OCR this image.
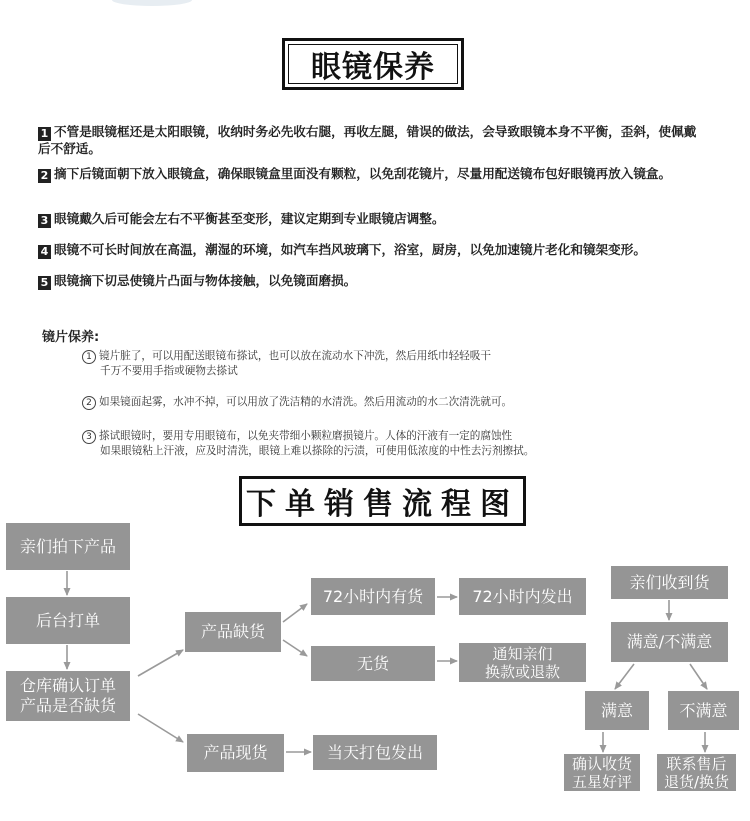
眼镜保养
1 不管是眼镜框还是太阳眼镜，收纳时务必先收右腿，再收左腿，错误的做法，会导致眼镜本身不平衡，歪斜，使佩戴后不舒适。
2 摘下后镜面朝下放入眼镜盒，确保眼镜盒里面没有颗粒，以免刮花镜片，尽量用配送镜布包好眼镜再放入镜盒。
3 眼镜戴久后可能会左右不平衡甚至变形，建议定期到专业眼镜店调整。
4 眼镜不可长时间放在高温，潮湿的环境，如汽车挡风玻璃下，浴室，厨房，以免加速镜片老化和镜架变形。
5 眼镜摘下切忌使镜片凸面与物体接触，以免镜面磨损。
镜片保养:
1 镜片脏了，可以用配送眼镜布搽试，也可以放在流动水下冲洗，然后用纸巾轻轻吸干
千万不要用手指或硬物去搽试
2 如果镜面起雾，水冲不掉，可以用放了洗洁精的水清洗。然后用流动的水二次清洗就可。
3 搽试眼镜时，要用专用眼镜布，以免夹带细小颗粒磨损镜片。人体的汗液有一定的腐蚀性
如果眼镜粘上汗液，应及时清洗，眼镜上难以搽除的污渍，可使用低浓度的中性去污剂擦拭。
下单销售流程图
亲们拍下产品
后台打单
仓库确认订单
产品是否缺货
产品缺货
产品现货
72小时内有货	72小时内发出
无货	通知亲们
换款或退款
当天打包发出
亲们收到货
满意/不满意
满意	不满意
确认收货
五星好评
联系售后
退货/换货
